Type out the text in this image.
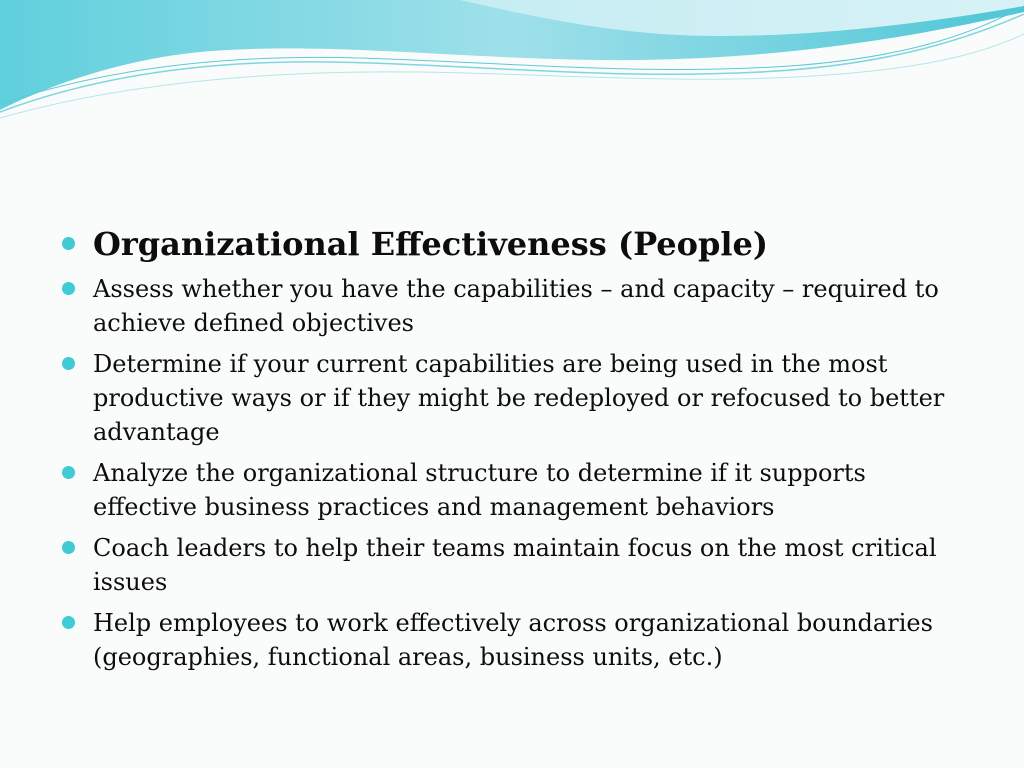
Organizational Effectiveness (People)
Assess whether you have the capabilities – and capacity – required to achieve defined objectives
Determine if your current capabilities are being used in the most productive ways or if they might be redeployed or refocused to better advantage
Analyze the organizational structure to determine if it supports effective business practices and management behaviors
Coach leaders to help their teams maintain focus on the most critical issues
Help employees to work effectively across organizational boundaries (geographies, functional areas, business units, etc.)
